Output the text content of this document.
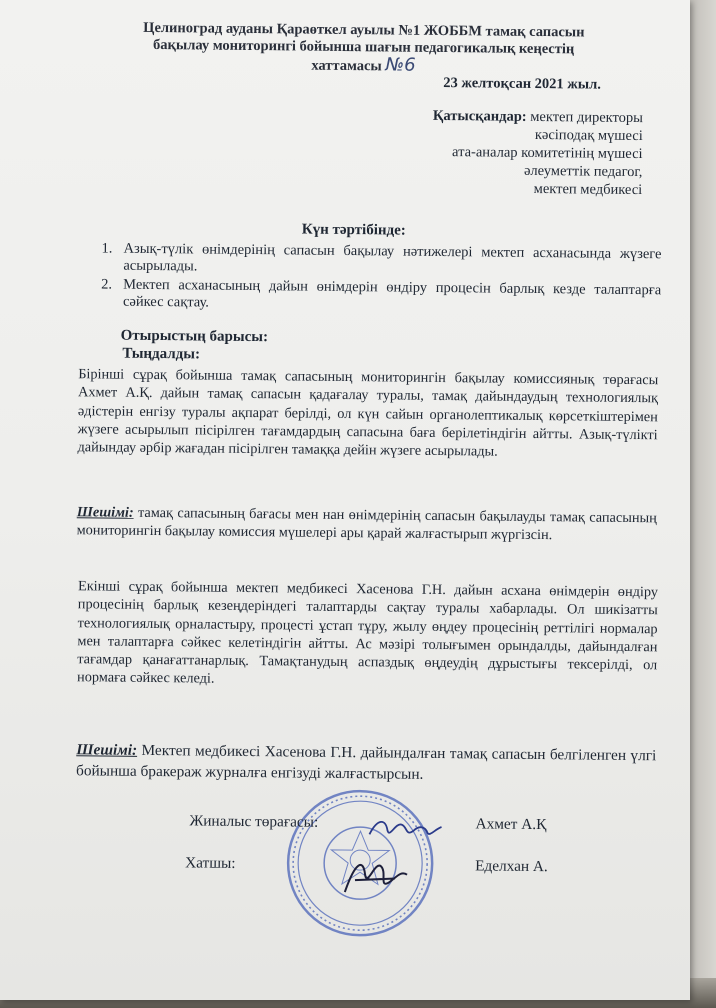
Целиноград ауданы Қараөткел ауылы №1 ЖОББМ тамақ сапасын
бақылау мониторингі бойынша шағын педагогикалық кеңестің
хаттамасы №6
23 желтоқсан 2021 жыл.
Қатысқандар: мектеп директоры
кәсіподақ мүшесі
ата-аналар комитетінің мүшесі
әлеуметтік педагог,
мектеп медбикесі
Күн тәртібінде:
1. Азық-түлік өнімдерінің сапасын бақылау нәтижелері мектеп асханасында жүзеге асырылады.
2. Мектеп асханасының дайын өнімдерін өндіру процесін барлық кезде талаптарға сәйкес сақтау.
Отырыстың барысы:
Тыңдалды:
Бірінші сұрақ бойынша тамақ сапасының мониторингін бақылау комиссиянық төрағасы Ахмет А.Қ. дайын тамақ сапасын қадағалау туралы, тамақ дайындаудың технологиялық әдістерін енгізу туралы ақпарат берілді, ол күн сайын органолептикалық көрсеткіштерімен жүзеге асырылып пісірілген тағамдардың сапасына баға берілетіндігін айтты. Азық-түлікті дайындау әрбір жағадан пісірілген тамаққа дейін жүзеге асырылады.
Шешімі: тамақ сапасының бағасы мен нан өнімдерінің сапасын бақылауды тамақ сапасының мониторингін бақылау комиссия мүшелері ары қарай жалғастырып жүргізсін.
Екінші сұрақ бойынша мектеп медбикесі Хасенова Г.Н. дайын асхана өнімдерін өндіру процесінің барлық кезеңдеріндегі талаптарды сақтау туралы хабарлады. Ол шикізатты технологиялық орналастыру, процесті ұстап тұру, жылу өңдеу процесінің реттілігі нормалар мен талаптарға сәйкес келетіндігін айтты. Ас мәзірі толығымен орындалды, дайындалған тағамдар қанағаттанарлық. Тамақтанудың аспаздық өңдеудің дұрыстығы тексерілді, ол нормаға сәйкес келеді.
Шешімі: Мектеп медбикесі Хасенова Г.Н. дайындалған тамақ сапасын белгіленген үлгі бойынша бракераж журналға енгізуді жалғастырсын.
Жиналыс төрағасы:	Ахмет А.Қ
Хатшы:	Еделхан А.
